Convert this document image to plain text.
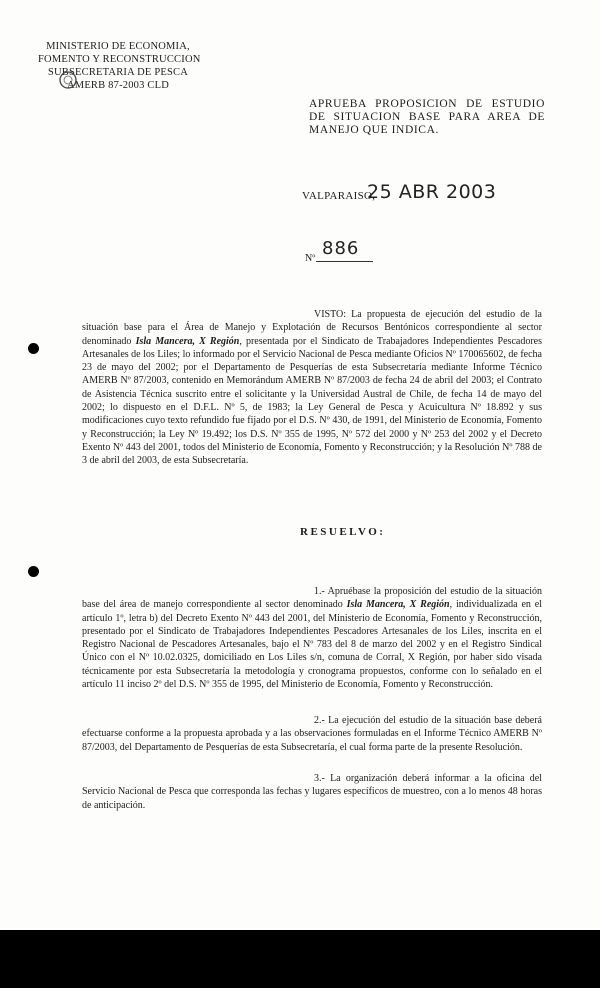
MINISTERIO DE ECONOMIA,
FOMENTO Y RECONSTRUCCION
SUBSECRETARIA DE PESCA
AMERB 87-2003 CLD
APRUEBA PROPOSICION DE ESTUDIO DE SITUACION BASE PARA AREA DE MANEJO QUE INDICA.
VALPARAISO,
25 ABR 2003
Nº 886
VISTO: La propuesta de ejecución del estudio de la situación base para el Área de Manejo y Explotación de Recursos Bentónicos correspondiente al sector denominado Isla Mancera, X Región, presentada por el Sindicato de Trabajadores Independientes Pescadores Artesanales de los Liles; lo informado por el Servicio Nacional de Pesca mediante Oficios Nº 170065602, de fecha 23 de mayo del 2002; por el Departamento de Pesquerías de esta Subsecretaría mediante Informe Técnico AMERB Nº 87/2003, contenido en Memorándum AMERB Nº 87/2003 de fecha 24 de abril del 2003; el Contrato de Asistencia Técnica suscrito entre el solicitante y la Universidad Austral de Chile, de fecha 14 de mayo del 2002; lo dispuesto en el D.F.L. Nº 5, de 1983; la Ley General de Pesca y Acuicultura Nº 18.892 y sus modificaciones cuyo texto refundido fue fijado por el D.S. Nº 430, de 1991, del Ministerio de Economía, Fomento y Reconstrucción; la Ley Nº 19.492; los D.S. Nº 355 de 1995, Nº 572 del 2000 y Nº 253 del 2002 y el Decreto Exento Nº 443 del 2001, todos del Ministerio de Economía, Fomento y Reconstrucción; y la Resolución Nº 788 de 3 de abril del 2003, de esta Subsecretaría.
RESUELVO:
1.- Apruébase la proposición del estudio de la situación base del área de manejo correspondiente al sector denominado Isla Mancera, X Región, individualizada en el artículo 1º, letra b) del Decreto Exento Nº 443 del 2001, del Ministerio de Economía, Fomento y Reconstrucción, presentado por el Sindicato de Trabajadores Independientes Pescadores Artesanales de los Liles, inscrita en el Registro Nacional de Pescadores Artesanales, bajo el Nº 783 del 8 de marzo del 2002 y en el Registro Sindical Único con el Nº 10.02.0325, domiciliado en Los Liles s/n, comuna de Corral, X Región, por haber sido visada técnicamente por esta Subsecretaría la metodología y cronograma propuestos, conforme con lo señalado en el artículo 11 inciso 2º del D.S. Nº 355 de 1995, del Ministerio de Economía, Fomento y Reconstrucción.
2.- La ejecución del estudio de la situación base deberá efectuarse conforme a la propuesta aprobada y a las observaciones formuladas en el Informe Técnico AMERB Nº 87/2003, del Departamento de Pesquerías de esta Subsecretaría, el cual forma parte de la presente Resolución.
3.- La organización deberá informar a la oficina del Servicio Nacional de Pesca que corresponda las fechas y lugares específicos de muestreo, con a lo menos 48 horas de anticipación.
